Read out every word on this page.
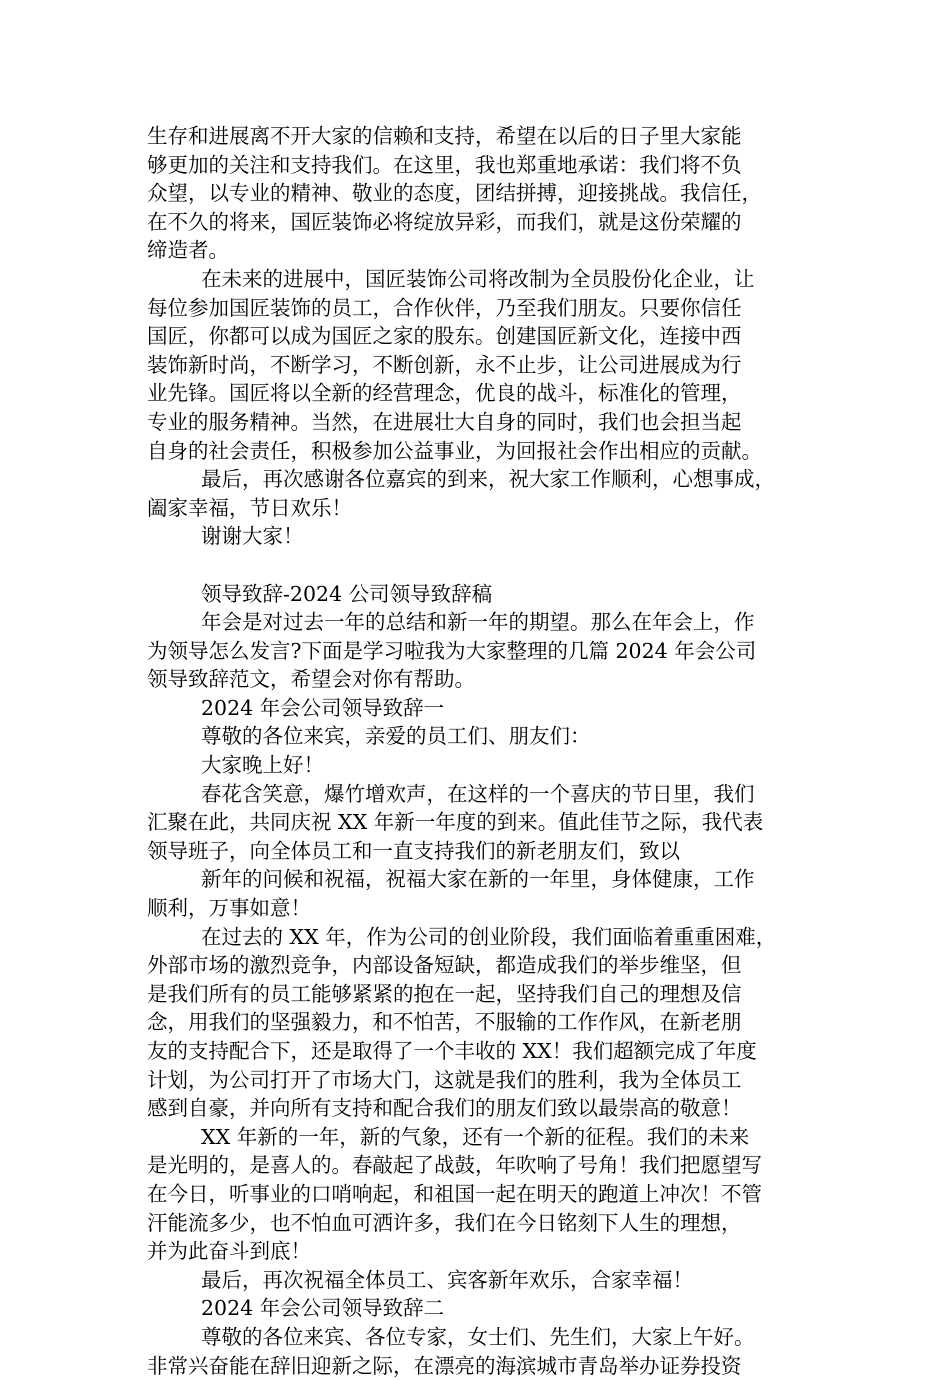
生存和进展离不开大家的信赖和支持，希望在以后的日子里大家能
够更加的关注和支持我们。在这里，我也郑重地承诺：我们将不负
众望，以专业的精神、敬业的态度，团结拼搏，迎接挑战。我信任，
在不久的将来，国匠装饰必将绽放异彩，而我们，就是这份荣耀的
缔造者。
在未来的进展中，国匠装饰公司将改制为全员股份化企业，让
每位参加国匠装饰的员工，合作伙伴，乃至我们朋友。只要你信任
国匠，你都可以成为国匠之家的股东。创建国匠新文化，连接中西
装饰新时尚，不断学习，不断创新，永不止步，让公司进展成为行
业先锋。国匠将以全新的经营理念，优良的战斗，标准化的管理，
专业的服务精神。当然，在进展壮大自身的同时，我们也会担当起
自身的社会责任，积极参加公益事业，为回报社会作出相应的贡献。
最后，再次感谢各位嘉宾的到来，祝大家工作顺利，心想事成，
阖家幸福，节日欢乐！
谢谢大家！
领导致辞-2024 公司领导致辞稿
年会是对过去一年的总结和新一年的期望。那么在年会上，作
为领导怎么发言?下面是学习啦我为大家整理的几篇 2024 年会公司
领导致辞范文，希望会对你有帮助。
2024 年会公司领导致辞一
尊敬的各位来宾，亲爱的员工们、朋友们：
大家晚上好！
春花含笑意，爆竹增欢声，在这样的一个喜庆的节日里，我们
汇聚在此，共同庆祝 XX 年新一年度的到来。值此佳节之际，我代表
领导班子，向全体员工和一直支持我们的新老朋友们，致以
新年的问候和祝福，祝福大家在新的一年里，身体健康，工作
顺利，万事如意！
在过去的 XX 年，作为公司的创业阶段，我们面临着重重困难，
外部市场的激烈竞争，内部设备短缺，都造成我们的举步维坚，但
是我们所有的员工能够紧紧的抱在一起，坚持我们自己的理想及信
念，用我们的坚强毅力，和不怕苦，不服输的工作作风，在新老朋
友的支持配合下，还是取得了一个丰收的 XX！我们超额完成了年度
计划，为公司打开了市场大门，这就是我们的胜利，我为全体员工
感到自豪，并向所有支持和配合我们的朋友们致以最崇高的敬意！
XX 年新的一年，新的气象，还有一个新的征程。我们的未来
是光明的，是喜人的。春敲起了战鼓，年吹响了号角！我们把愿望写
在今日，听事业的口哨响起，和祖国一起在明天的跑道上冲次！不管
汗能流多少，也不怕血可洒许多，我们在今日铭刻下人生的理想，
并为此奋斗到底！
最后，再次祝福全体员工、宾客新年欢乐，合家幸福！
2024 年会公司领导致辞二
尊敬的各位来宾、各位专家，女士们、先生们，大家上午好。
非常兴奋能在辞旧迎新之际，在漂亮的海滨城市青岛举办证券投资
